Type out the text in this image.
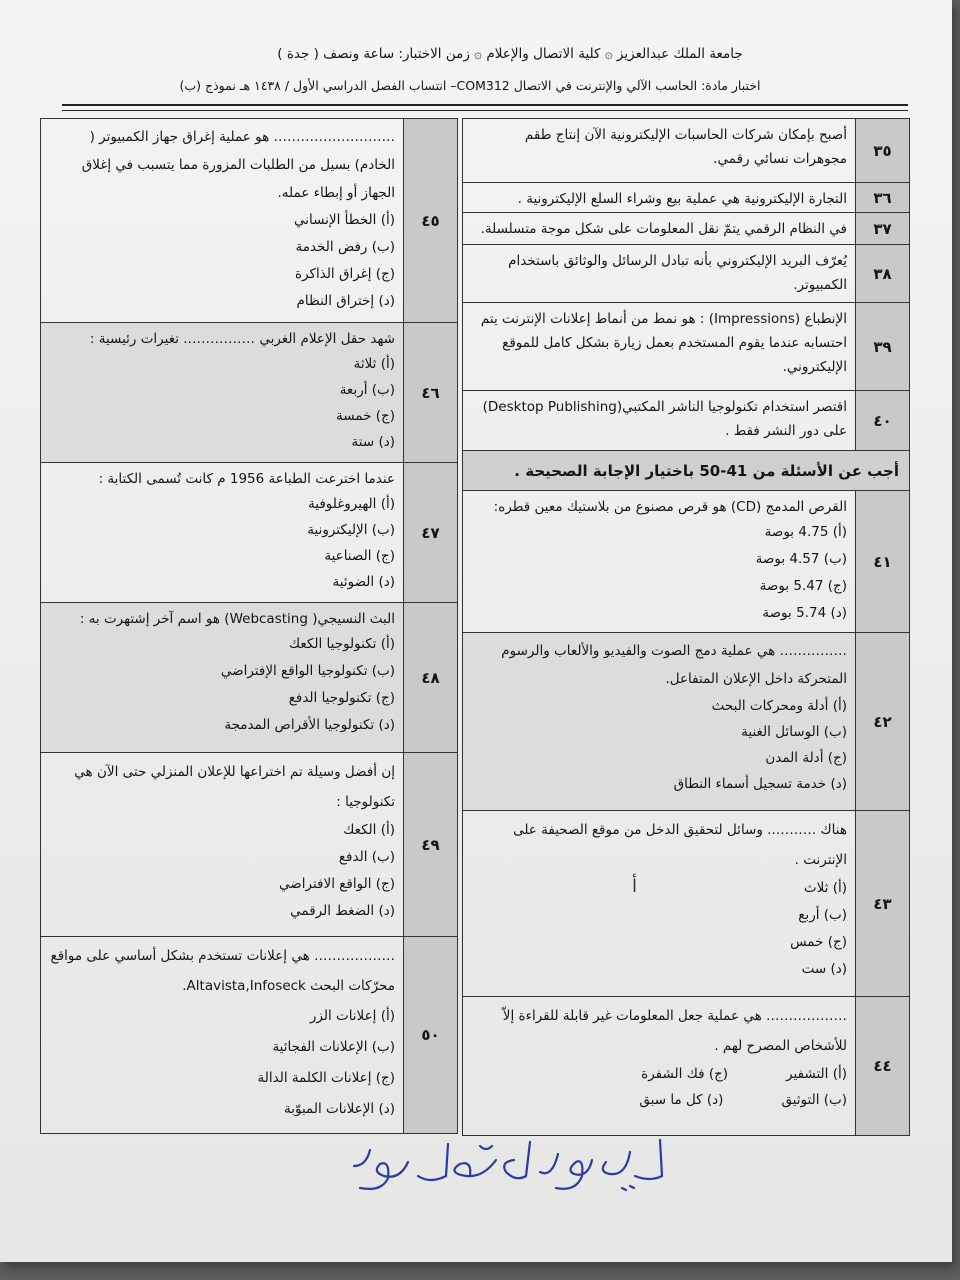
جامعة الملك عبدالعزيز ۞ كلية الاتصال والإعلام ۞ زمن الاختبار: ساعة ونصف ( جدة )
اختبار مادة: الحاسب الآلي والإنترنت في الاتصال COM312– انتساب الفصل الدراسي الأول / ١٤٣٨ هـ نموذج (ب)
٣٥
أصبح بإمكان شركات الحاسبات الإليكترونية الآن إنتاج طقم مجوهرات نسائي رقمي.
٣٦
التجارة الإليكترونية هي عملية بيع وشراء السلع الإليكترونية .
٣٧
في النظام الرقمي يتمّ نقل المعلومات على شكل موجة متسلسلة.
٣٨
يُعرّف البريد الإليكتروني بأنه تبادل الرسائل والوثائق باستخدام الكمبيوتر.
٣٩
الإنطباع (Impressions) : هو نمط من أنماط إعلانات الإنترنت يتم احتسابه عندما يقوم المستخدم بعمل زيارة بشكل كامل للموقع الإليكتروني.
٤٠
اقتصر استخدام تكنولوجيا الناشر المكتبي(Desktop Publishing) على دور النشر فقط .
أجب عن الأسئلة من 41-50 باختيار الإجابة الصحيحة .
٤١
القرص المدمج (CD) هو قرص مصنوع من بلاستيك معين قطره:
(أ) 4.75 بوصة
(ب) 4.57 بوصة
(ج) 5.47 بوصة
(د) 5.74 بوصة
٤٢
…………… هي عملية دمج الصوت والفيديو والألعاب والرسوم المتحركة داخل الإعلان المتفاعل.
(أ) أدلة ومحركات البحث
(ب) الوسائل الغنية
(ج) أدلة المدن
(د) خدمة تسجيل أسماء النطاق
٤٣
هناك ……….. وسائل لتحقيق الدخل من موقع الصحيفة على الإنترنت .
(أ) ثلاث
(ب) أربع
(ج) خمس
(د) ست
٤٤
……………… هي عملية جعل المعلومات غير قابلة للقراءة إلاّ للأشخاص المصرح لهم .
(أ) التشفير
(ج) فك الشفرة
(ب) التوثيق
(د) كل ما سبق
٤٥
……………………… هو عملية إغراق جهاز الكمبيوتر ( الخادم) بسيل من الطلبات المزورة مما يتسبب في إغلاق الجهاز أو إبطاء عمله.
(أ) الخطأ الإنساني
(ب) رفض الخدمة
(ج) إغراق الذاكرة
(د) إختراق النظام
٤٦
شهد حقل الإعلام الغربي ……………. تغيرات رئيسية :
(أ) ثلاثة
(ب) أربعة
(ج) خمسة
(د) ستة
٤٧
عندما اخترعت الطباعة 1956 م كانت تُسمى الكتابة :
(أ) الهيروغلوفية
(ب) الإليكترونية
(ج) الصناعية
(د) الضوئية
٤٨
البث النسيجي( Webcasting) هو اسم آخر إشتهرت به :
(أ) تكنولوجيا الكعك
(ب) تكنولوجيا الواقع الإفتراضي
(ج) تكنولوجيا الدفع
(د) تكنولوجيا الأقراص المدمجة
٤٩
إن أفضل وسيلة تم اختراعها للإعلان المنزلي حتى الآن هي تكنولوجيا :
(أ) الكعك
(ب) الدفع
(ج) الواقع الافتراضي
(د) الضغط الرقمي
٥٠
……………… هي إعلانات تستخدم بشكل أساسي على مواقع محرّكات البحث Altavista,Infoseck.
(أ) إعلانات الزر
(ب) الإعلانات الفجائية
(ج) إعلانات الكلمة الدالة
(د) الإعلانات المبوّبة
ﺃ
